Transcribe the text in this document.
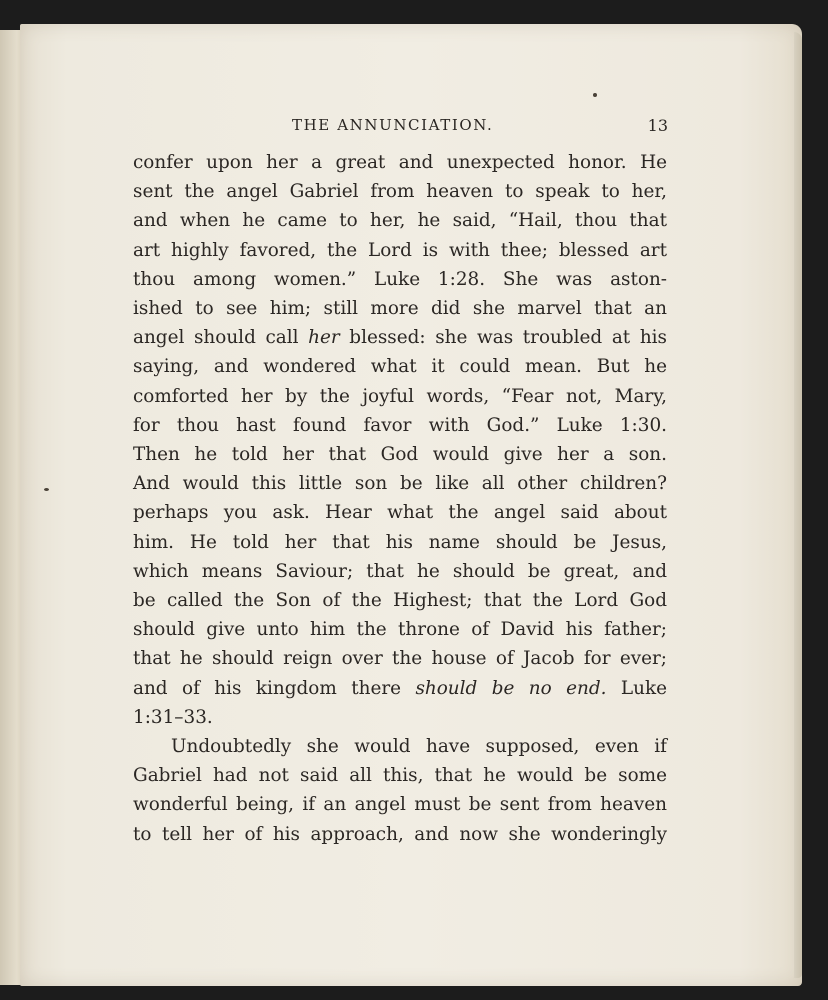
THE ANNUNCIATION.	13
confer upon her a great and unexpected honor. He
sent the angel Gabriel from heaven to speak to her,
and when he came to her, he said, “Hail, thou that
art highly favored, the Lord is with thee; blessed art
thou among women.” Luke 1:28. She was aston-
ished to see him; still more did she marvel that an
angel should call her blessed: she was troubled at his
saying, and wondered what it could mean. But he
comforted her by the joyful words, “Fear not, Mary,
for thou hast found favor with God.” Luke 1:30.
Then he told her that God would give her a son.
And would this little son be like all other children?
perhaps you ask. Hear what the angel said about
him. He told her that his name should be Jesus,
which means Saviour; that he should be great, and
be called the Son of the Highest; that the Lord God
should give unto him the throne of David his father;
that he should reign over the house of Jacob for ever;
and of his kingdom there should be no end. Luke
1:31–33.
Undoubtedly she would have supposed, even if
Gabriel had not said all this, that he would be some
wonderful being, if an angel must be sent from heaven
to tell her of his approach, and now she wonderingly
